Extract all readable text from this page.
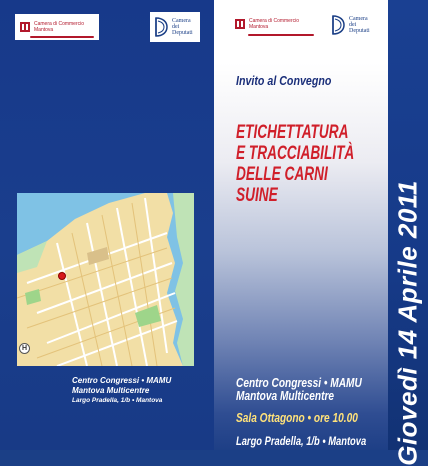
Camera di Commercio
Mantova
Camera
dei
Deputati
H
Centro Congressi • MAMU
Mantova Multicentre
Largo Pradella, 1/b • Mantova
Camera di Commercio
Mantova
Camera
dei
Deputati
Invito al Convegno
ETICHETTATURA
E TRACCIABILITÀ
DELLE CARNI
SUINE
Centro Congressi • MAMU
Mantova Multicentre
Sala Ottagono • ore 10.00
Largo Pradella, 1/b • Mantova Giovedì 14 Aprile 2011
